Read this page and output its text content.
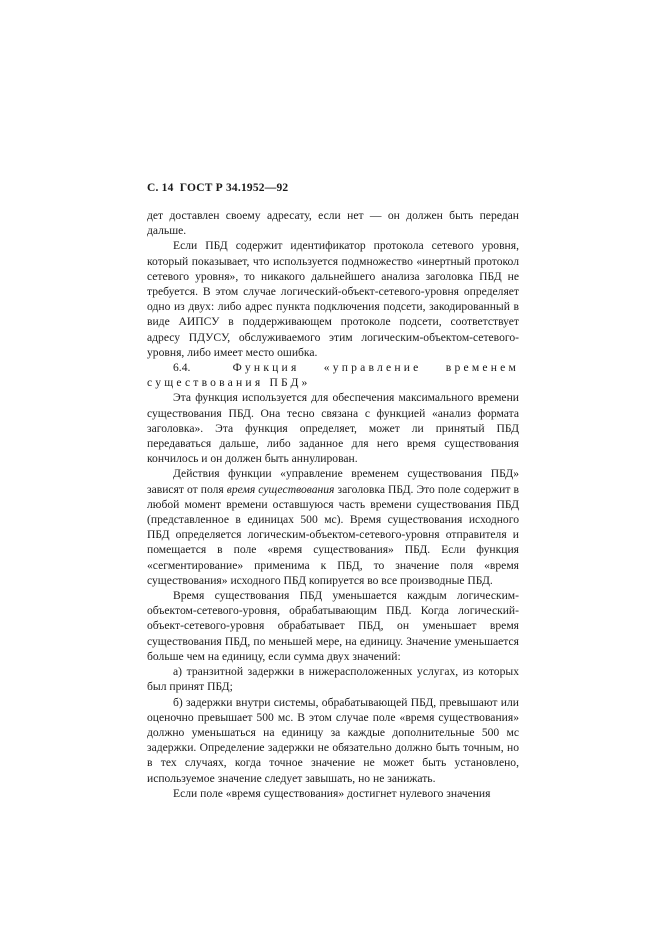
С. 14 ГОСТ Р 34.1952—92

дет доставлен своему адресату, если нет — он должен быть передан дальше.

Если ПБД содержит идентификатор протокола сетевого уровня, который показывает, что используется подмножество «инертный протокол сетевого уровня», то никакого дальнейшего анализа заголовка ПБД не требуется. В этом случае логический-объект-сетевого-уровня определяет одно из двух: либо адрес пункта подключения подсети, закодированный в виде АИПСУ в поддерживающем протоколе подсети, соответствует адресу ПДУСУ, обслуживаемого этим логическим-объектом-сетевого-уровня, либо имеет место ошибка.

6.4.	Функция «управление временем существования ПБД»

Эта функция используется для обеспечения максимального времени существования ПБД. Она тесно связана с функцией «анализ формата заголовка». Эта функция определяет, может ли принятый ПБД передаваться дальше, либо заданное для него время существования кончилось и он должен быть аннулирован.

Действия функции «управление временем существования ПБД» зависят от поля время существования заголовка ПБД. Это поле содержит в любой момент времени оставшуюся часть времени существования ПБД (представленное в единицах 500 мс). Время существования исходного ПБД определяется логическим-объектом-сетевого-уровня отправителя и помещается в поле «время существования» ПБД. Если функция «сегментирование» применима к ПБД, то значение поля «время существования» исходного ПБД копируется во все производные ПБД.

Время существования ПБД уменьшается каждым логическим-объектом-сетевого-уровня, обрабатывающим ПБД. Когда логический-объект-сетевого-уровня обрабатывает ПБД, он уменьшает время существования ПБД, по меньшей мере, на единицу. Значение уменьшается больше чем на единицу, если сумма двух значений:

а) транзитной задержки в нижерасположенных услугах, из которых был принят ПБД;

б) задержки внутри системы, обрабатывающей ПБД, превышают или оценочно превышает 500 мс. В этом случае поле «время существования» должно уменьшаться на единицу за каждые дополнительные 500 мс задержки. Определение задержки не обязательно должно быть точным, но в тех случаях, когда точное значение не может быть установлено, используемое значение следует завышать, но не занижать.

Если поле «время существования» достигнет нулевого значения
